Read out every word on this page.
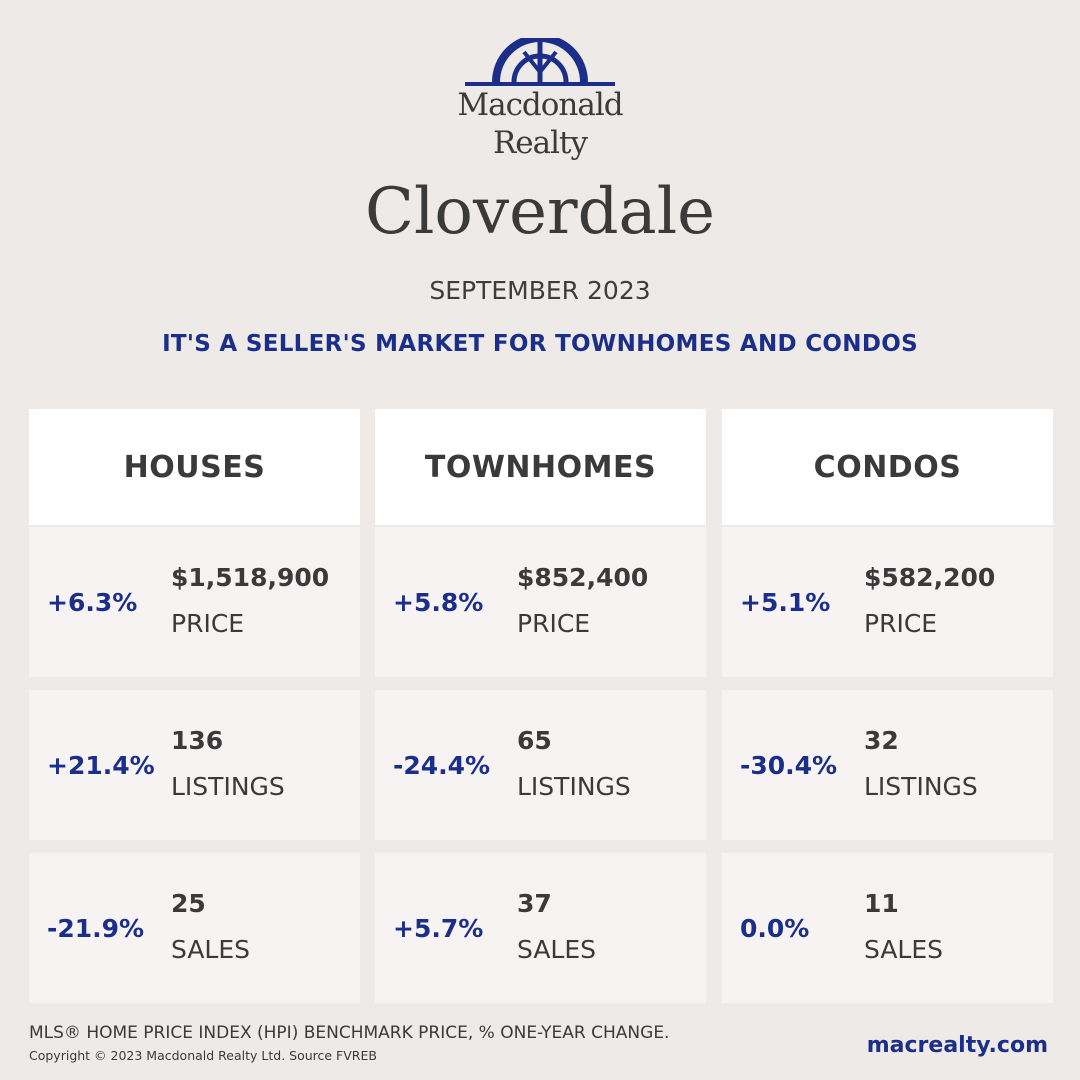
Macdonald
Realty
Cloverdale
SEPTEMBER 2023
IT'S A SELLER'S MARKET FOR TOWNHOMES AND CONDOS
HOUSES
+6.3%
$1,518,900
PRICE
+21.4%
136
LISTINGS
-21.9%
25
SALES
TOWNHOMES
+5.8%
$852,400
PRICE
-24.4%
65
LISTINGS
+5.7%
37
SALES
CONDOS
+5.1%
$582,200
PRICE
-30.4%
32
LISTINGS
0.0%
11
SALES
MLS® HOME PRICE INDEX (HPI) BENCHMARK PRICE, % ONE-YEAR CHANGE.
Copyright © 2023 Macdonald Realty Ltd. Source FVREB	macrealty.com
